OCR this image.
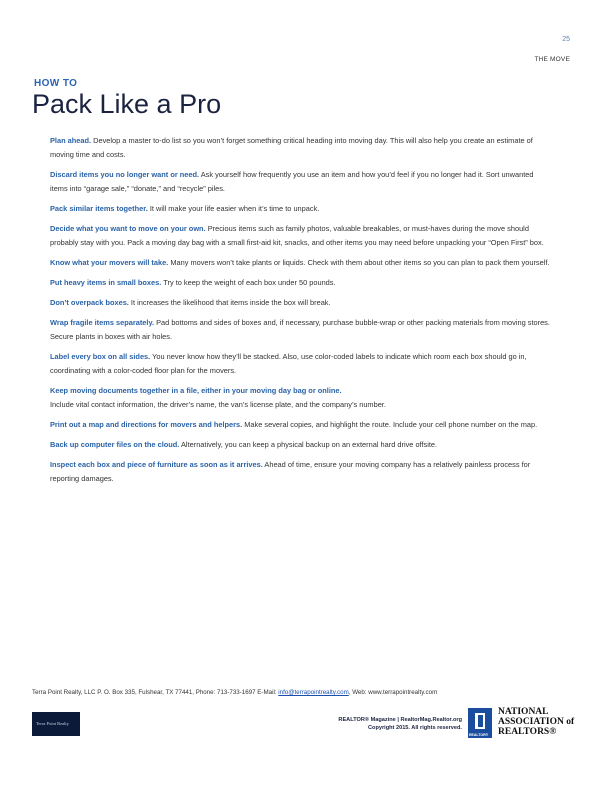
25
THE MOVE
HOW TO
Pack Like a Pro
Plan ahead. Develop a master to-do list so you won’t forget something critical heading into moving day. This will also help you create an estimate of moving time and costs.
Discard items you no longer want or need. Ask yourself how frequently you use an item and how you’d feel if you no longer had it. Sort unwanted items into “garage sale,” “donate,” and “recycle” piles.
Pack similar items together. It will make your life easier when it’s time to unpack.
Decide what you want to move on your own. Precious items such as family photos, valuable breakables, or must-haves during the move should probably stay with you. Pack a moving day bag with a small first-aid kit, snacks, and other items you may need before unpacking your “Open First” box.
Know what your movers will take. Many movers won’t take plants or liquids. Check with them about other items so you can plan to pack them yourself.
Put heavy items in small boxes. Try to keep the weight of each box under 50 pounds.
Don’t overpack boxes. It increases the likelihood that items inside the box will break.
Wrap fragile items separately. Pad bottoms and sides of boxes and, if necessary, purchase bubble-wrap or other packing materials from moving stores. Secure plants in boxes with air holes.
Label every box on all sides. You never know how they’ll be stacked. Also, use color-coded labels to indicate which room each box should go in, coordinating with a color-coded floor plan for the movers.
Keep moving documents together in a file, either in your moving day bag or online.
Include vital contact information, the driver’s name, the van’s license plate, and the company’s number.
Print out a map and directions for movers and helpers. Make several copies, and highlight the route. Include your cell phone number on the map.
Back up computer files on the cloud. Alternatively, you can keep a physical backup on an external hard drive offsite.
Inspect each box and piece of furniture as soon as it arrives. Ahead of time, ensure your moving company has a relatively painless process for reporting damages.
Terra Point Realty, LLC P. O. Box 335, Fulshear, TX 77441, Phone: 713-733-1697 E-Mail: info@terrapointrealty.com, Web: www.terrapointrealty.com
Terra Point Realty
REALTOR® Magazine | RealtorMag.Realtor.org
Copyright 2015. All rights reserved.
REALTOR®
NATIONAL
ASSOCIATION of
REALTORS®
